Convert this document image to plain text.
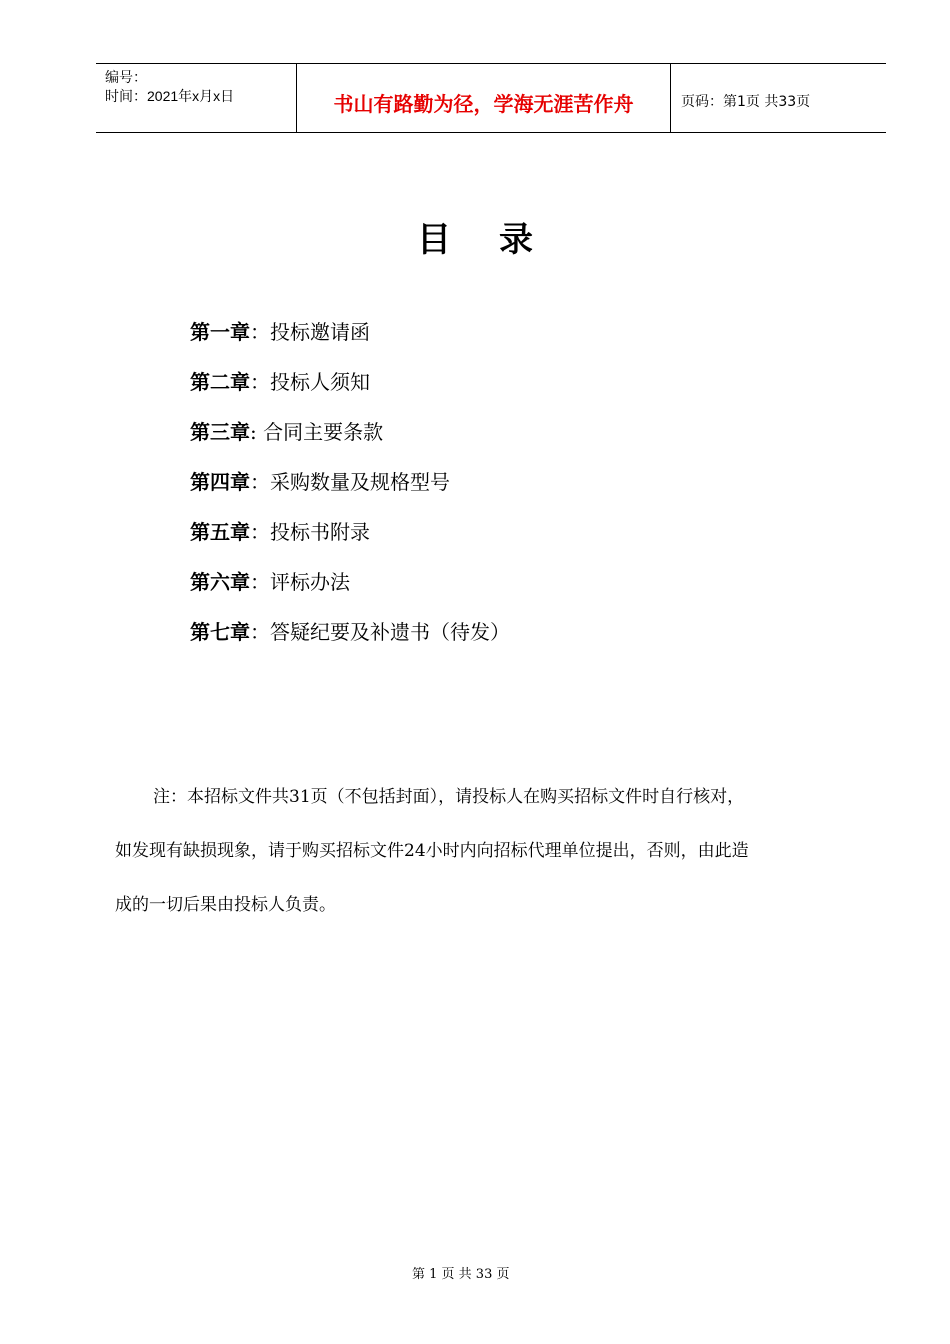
编号：
时间：2021年x月x日	书山有路勤为径，学海无涯苦作舟	页码：第1页 共33页
目 录
第一章：投标邀请函
第二章：投标人须知
第三章: 合同主要条款
第四章：采购数量及规格型号
第五章：投标书附录
第六章：评标办法
第七章：答疑纪要及补遗书（待发）

注：本招标文件共31页（不包括封面），请投标人在购买招标文件时自行核对，

如发现有缺损现象，请于购买招标文件24小时内向招标代理单位提出，否则，由此造

成的一切后果由投标人负责。

第 1 页 共 33 页
